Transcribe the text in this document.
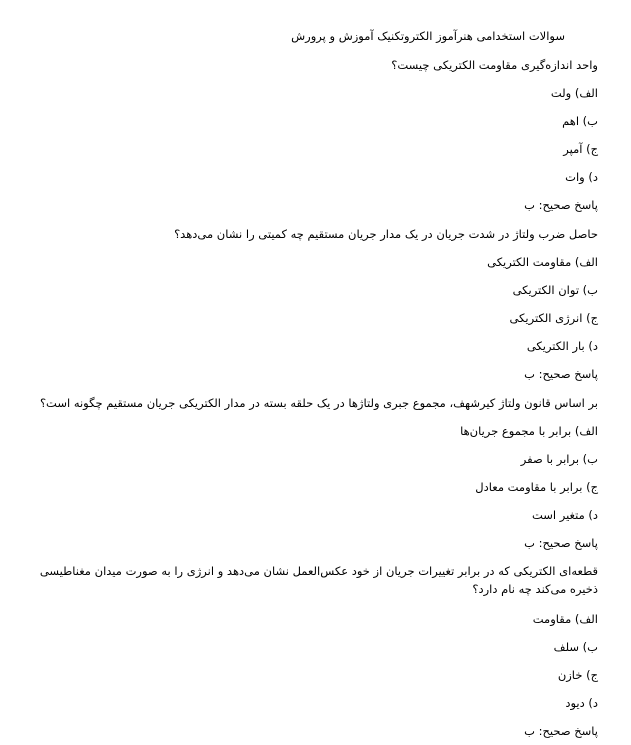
سوالات استخدامی هنرآموز الکتروتکنیک آموزش و پرورش
واحد اندازه‌گیری مقاومت الکتریکی چیست؟
الف) ولت
ب) اهم
ج) آمپر
د) وات
پاسخ صحیح: ب
حاصل ضرب ولتاژ در شدت جریان در یک مدار جریان مستقیم چه کمیتی را نشان می‌دهد؟
الف) مقاومت الکتریکی
ب) توان الکتریکی
ج) انرژی الکتریکی
د) بار الکتریکی
پاسخ صحیح: ب
بر اساس قانون ولتاژ کیرشهف، مجموع جبری ولتاژها در یک حلقه بسته در مدار الکتریکی جریان مستقیم چگونه است؟
الف) برابر با مجموع جریان‌ها
ب) برابر با صفر
ج) برابر با مقاومت معادل
د) متغیر است
پاسخ صحیح: ب
قطعه‌ای الکتریکی که در برابر تغییرات جریان از خود عکس‌العمل نشان می‌دهد و انرژی را به صورت میدان مغناطیسی ذخیره می‌کند چه نام دارد؟
الف) مقاومت
ب) سلف
ج) خازن
د) دیود
پاسخ صحیح: ب
